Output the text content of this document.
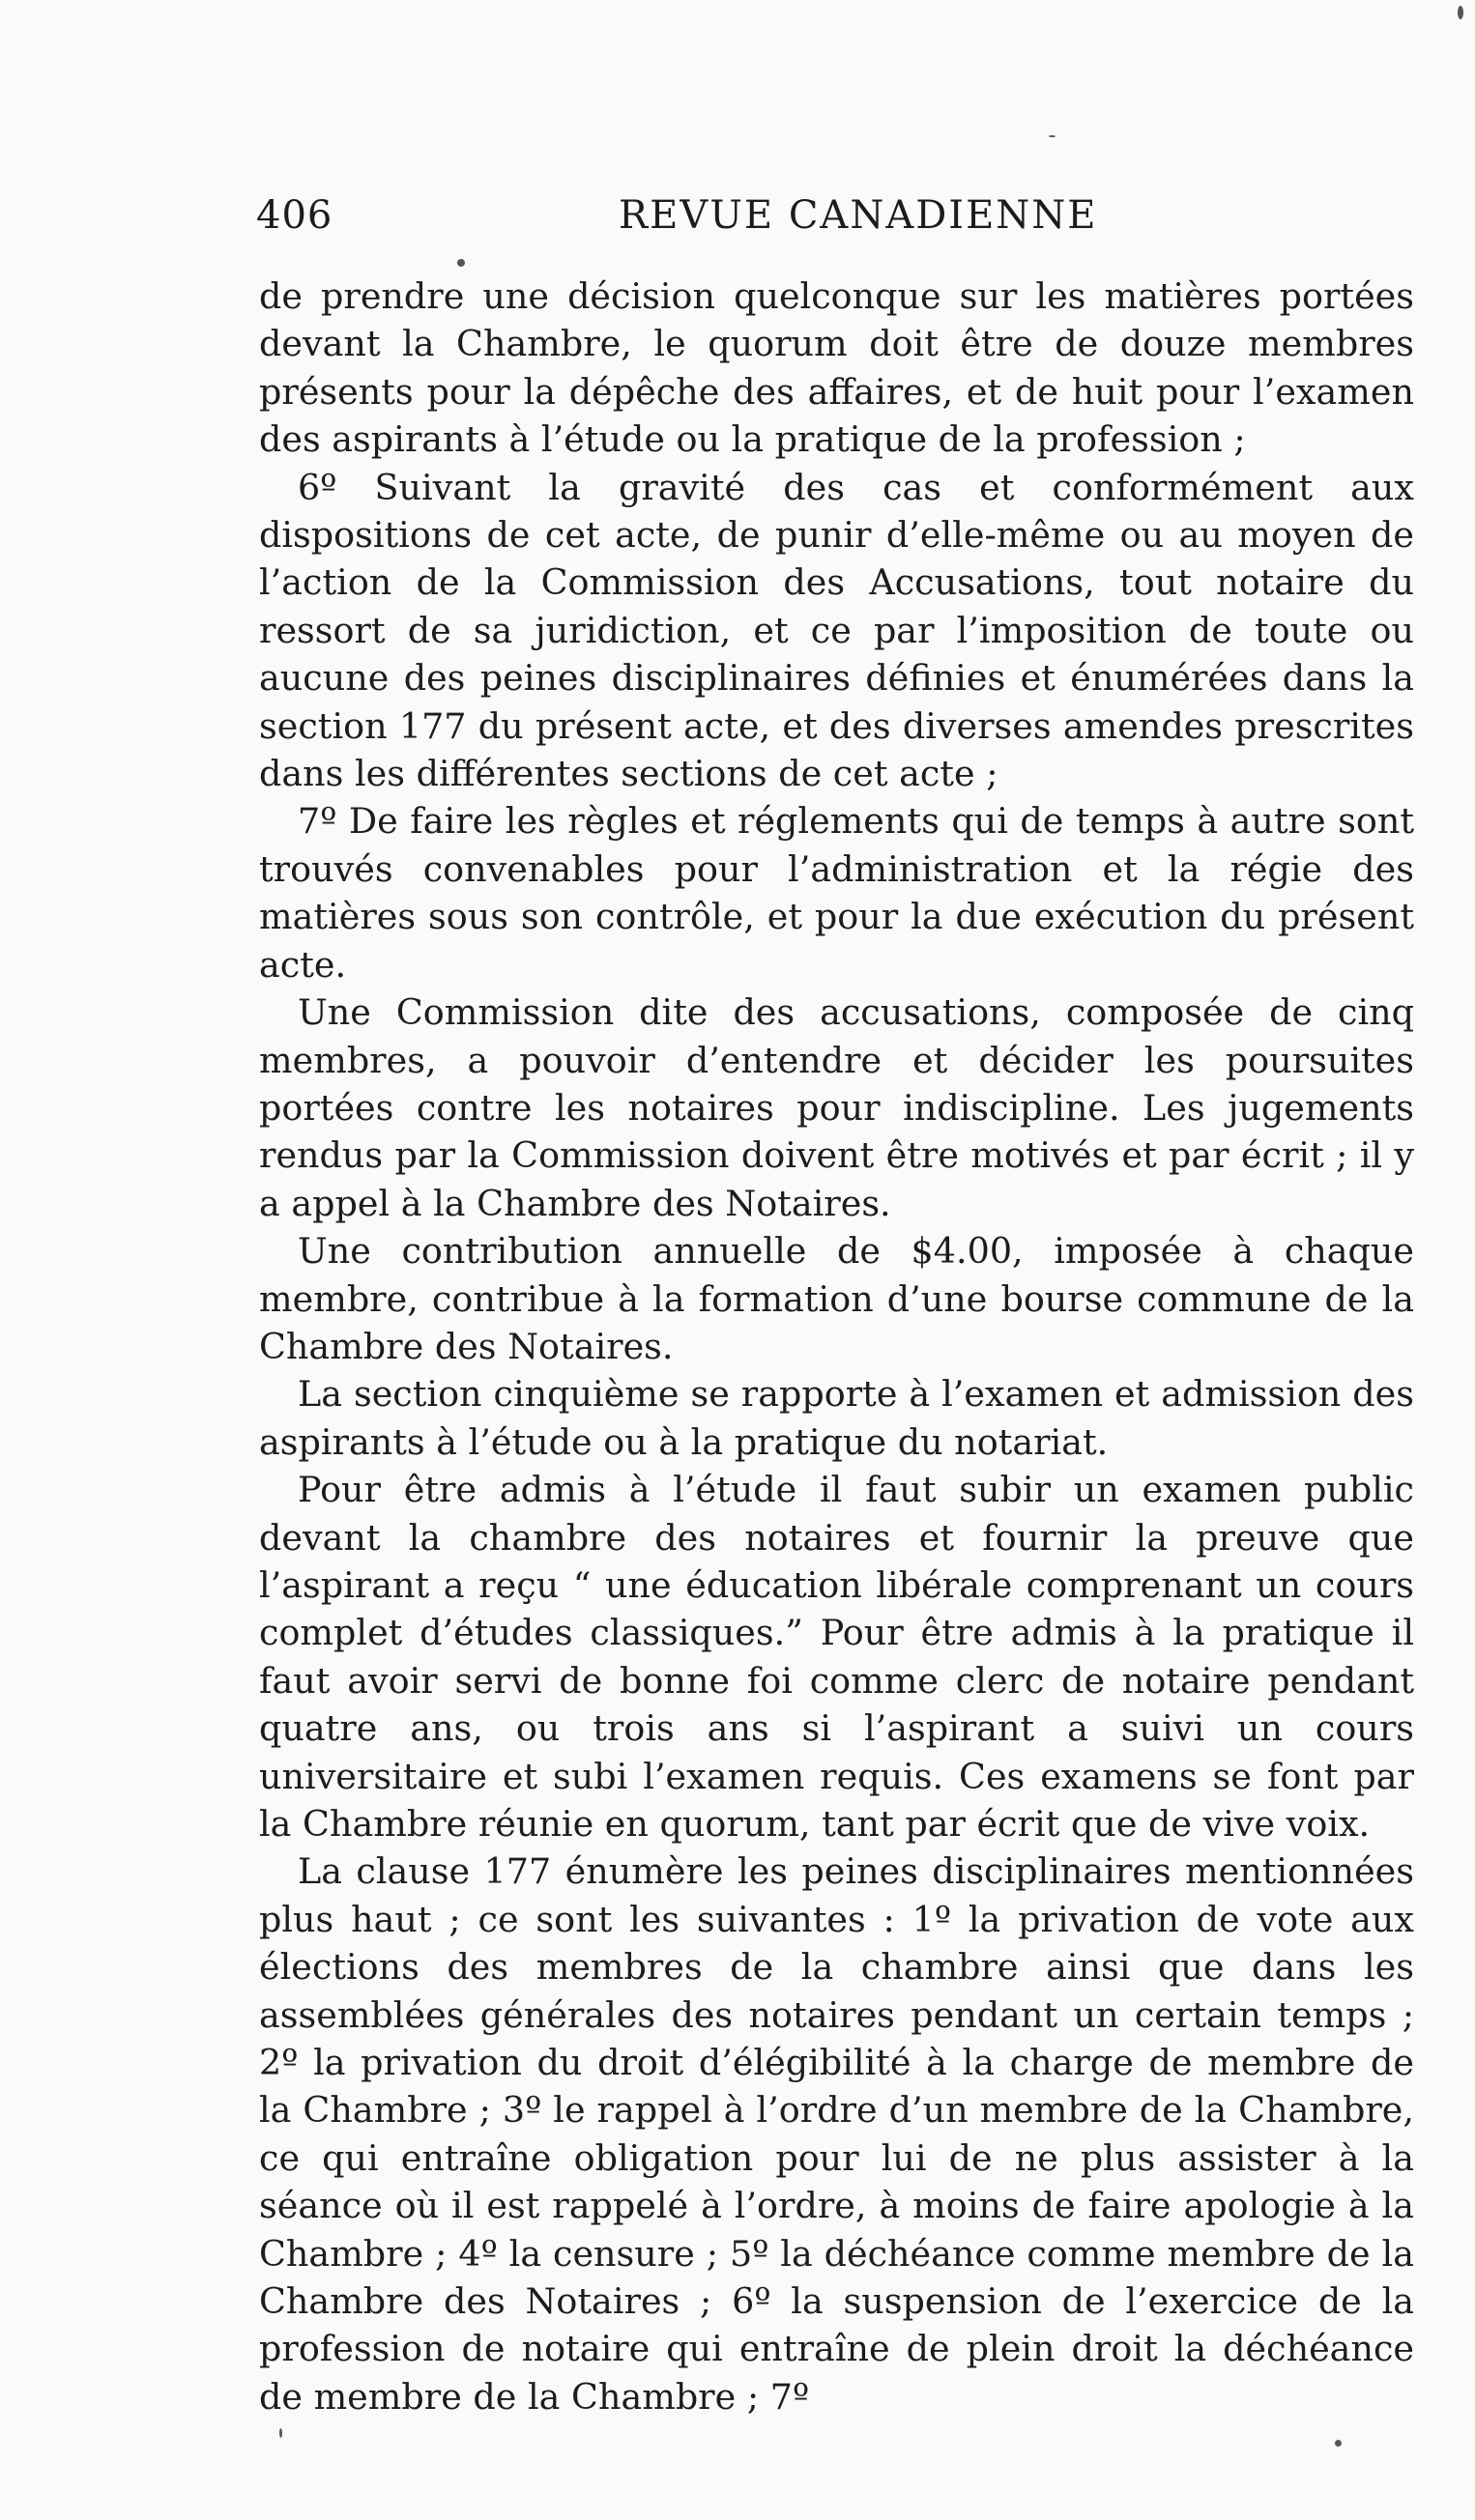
406	REVUE CANADIENNE

de prendre une décision quelconque sur les matières portées devant la Chambre, le quorum doit être de douze membres présents pour la dépêche des affaires, et de huit pour l’examen des aspirants à l’étude ou la pratique de la profession ;

6º Suivant la gravité des cas et conformément aux dispositions de cet acte, de punir d’elle-même ou au moyen de l’action de la Commission des Accusations, tout notaire du ressort de sa juridiction, et ce par l’imposition de toute ou aucune des peines disciplinaires définies et énumérées dans la section 177 du présent acte, et des diverses amendes prescrites dans les différentes sections de cet acte ;

7º De faire les règles et réglements qui de temps à autre sont trouvés convenables pour l’administration et la régie des matières sous son contrôle, et pour la due exécution du présent acte.

Une Commission dite des accusations, composée de cinq membres, a pouvoir d’entendre et décider les poursuites portées contre les notaires pour indiscipline. Les jugements rendus par la Commission doivent être motivés et par écrit ; il y a appel à la Chambre des Notaires.

Une contribution annuelle de $4.00, imposée à chaque membre, contribue à la formation d’une bourse commune de la Chambre des Notaires.

La section cinquième se rapporte à l’examen et admission des aspirants à l’étude ou à la pratique du notariat.

Pour être admis à l’étude il faut subir un examen public devant la chambre des notaires et fournir la preuve que l’aspirant a reçu “ une éducation libérale comprenant un cours complet d’études classiques.” Pour être admis à la pratique il faut avoir servi de bonne foi comme clerc de notaire pendant quatre ans, ou trois ans si l’aspirant a suivi un cours universitaire et subi l’examen requis. Ces examens se font par la Chambre réunie en quorum, tant par écrit que de vive voix.

La clause 177 énumère les peines disciplinaires mentionnées plus haut ; ce sont les suivantes : 1º la privation de vote aux élections des membres de la chambre ainsi que dans les assemblées générales des notaires pendant un certain temps ; 2º la privation du droit d’élégibilité à la charge de membre de la Chambre ; 3º le rappel à l’ordre d’un membre de la Chambre, ce qui entraîne obligation pour lui de ne plus assister à la séance où il est rappelé à l’ordre, à moins de faire apologie à la Chambre ; 4º la censure ; 5º la déchéance comme membre de la Chambre des Notaires ; 6º la suspension de l’exercice de la profession de notaire qui entraîne de plein droit la déchéance de membre de la Chambre ; 7º
